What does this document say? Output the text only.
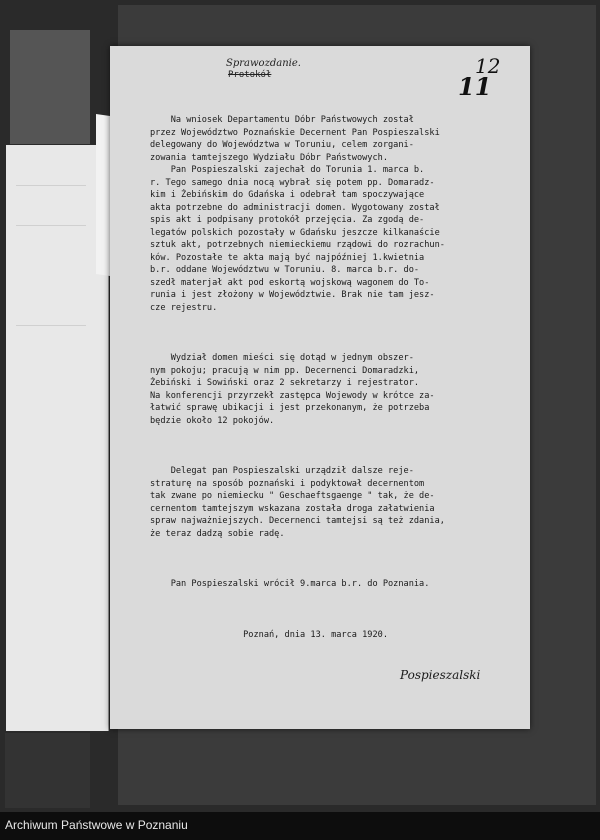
Sprawozdanie.
Protokół	12
11

Na wniosek Departamentu Dóbr Państwowych został

przez Województwo Poznańskie Decernent Pan Pospieszalski

delegowany do Województwa w Toruniu, celem zorgani-

zowania tamtejszego Wydziału Dóbr Państwowych.

Pan Pospieszalski zajechał do Torunia 1. marca b.

r. Tego samego dnia nocą wybrał się potem pp. Domaradz-

kim i Żebińskim do Gdańska i odebrał tam spoczywające

akta potrzebne do administracji domen. Wygotowany został

spis akt i podpisany protokół przejęcia. Za zgodą de-

legatów polskich pozostały w Gdańsku jeszcze kilkanaście

sztuk akt, potrzebnych niemieckiemu rządowi do rozrachun-

ków. Pozostałe te akta mają być najpóźniej 1.kwietnia

b.r. oddane Województwu w Toruniu. 8. marca b.r. do-

szedł materjał akt pod eskortą wojskową wagonem do To-

runia i jest złożony w Województwie. Brak nie tam jesz-

cze rejestru.

Wydział domen mieści się dotąd w jednym obszer-

nym pokoju; pracują w nim pp. Decernenci Domaradzki,

Żebiński i Sowiński oraz 2 sekretarzy i rejestrator.

Na konferencji przyrzekł zastępca Wojewody w krótce za-

łatwić sprawę ubikacji i jest przekonanym, że potrzeba

będzie około 12 pokojów.

Delegat pan Pospieszalski urządził dalsze reje-

straturę na sposób poznański i podyktował decernentom

tak zwane po niemiecku " Geschaeftsgaenge " tak, że de-

cernentom tamtejszym wskazana została droga załatwienia

spraw najważniejszych. Decernenci tamtejsi są też zdania,

że teraz dadzą sobie radę.

Pan Pospieszalski wrócił 9.marca b.r. do Poznania.

Poznań, dnia 13. marca 1920.

Pospieszalski
Archiwum Państwowe w Poznaniu
